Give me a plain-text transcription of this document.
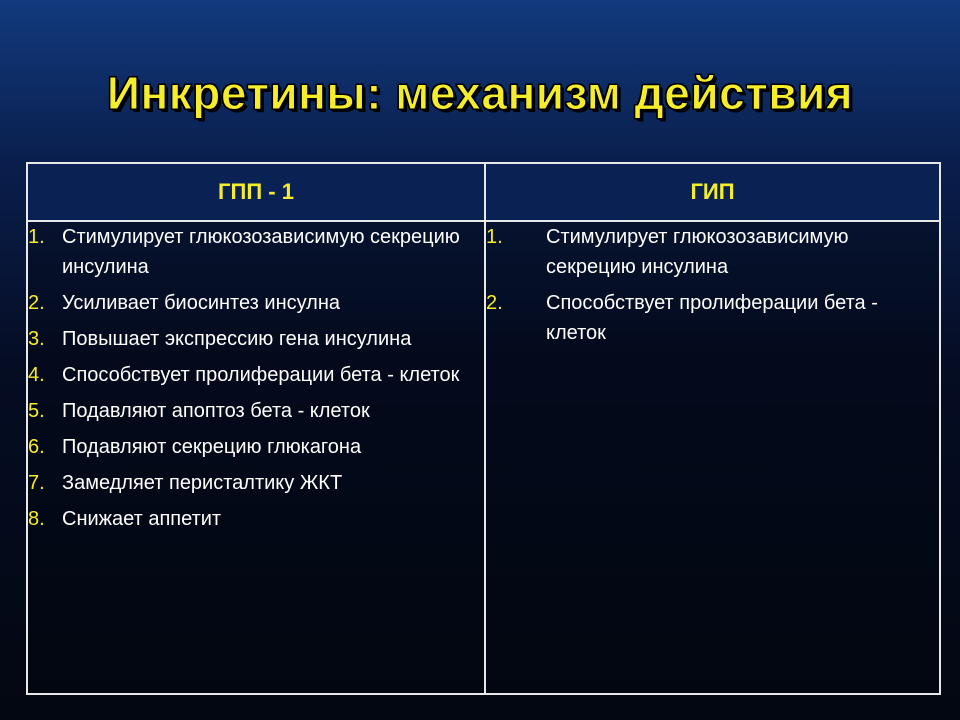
Инкретины: механизм действия
ГПП - 1
1. Стимулирует глюкозозависимую секрецию инсулина
2. Усиливает биосинтез инсулна
3. Повышает экспрессию гена инсулина
4. Способствует пролиферации бета - клеток
5. Подавляют апоптоз бета - клеток
6. Подавляют секрецию глюкагона
7. Замедляет перисталтику ЖКТ
8. Снижает аппетит
ГИП
1.	Стимулирует глюкозозависимую секрецию инсулина
2.	Способствует пролиферации бета - клеток
